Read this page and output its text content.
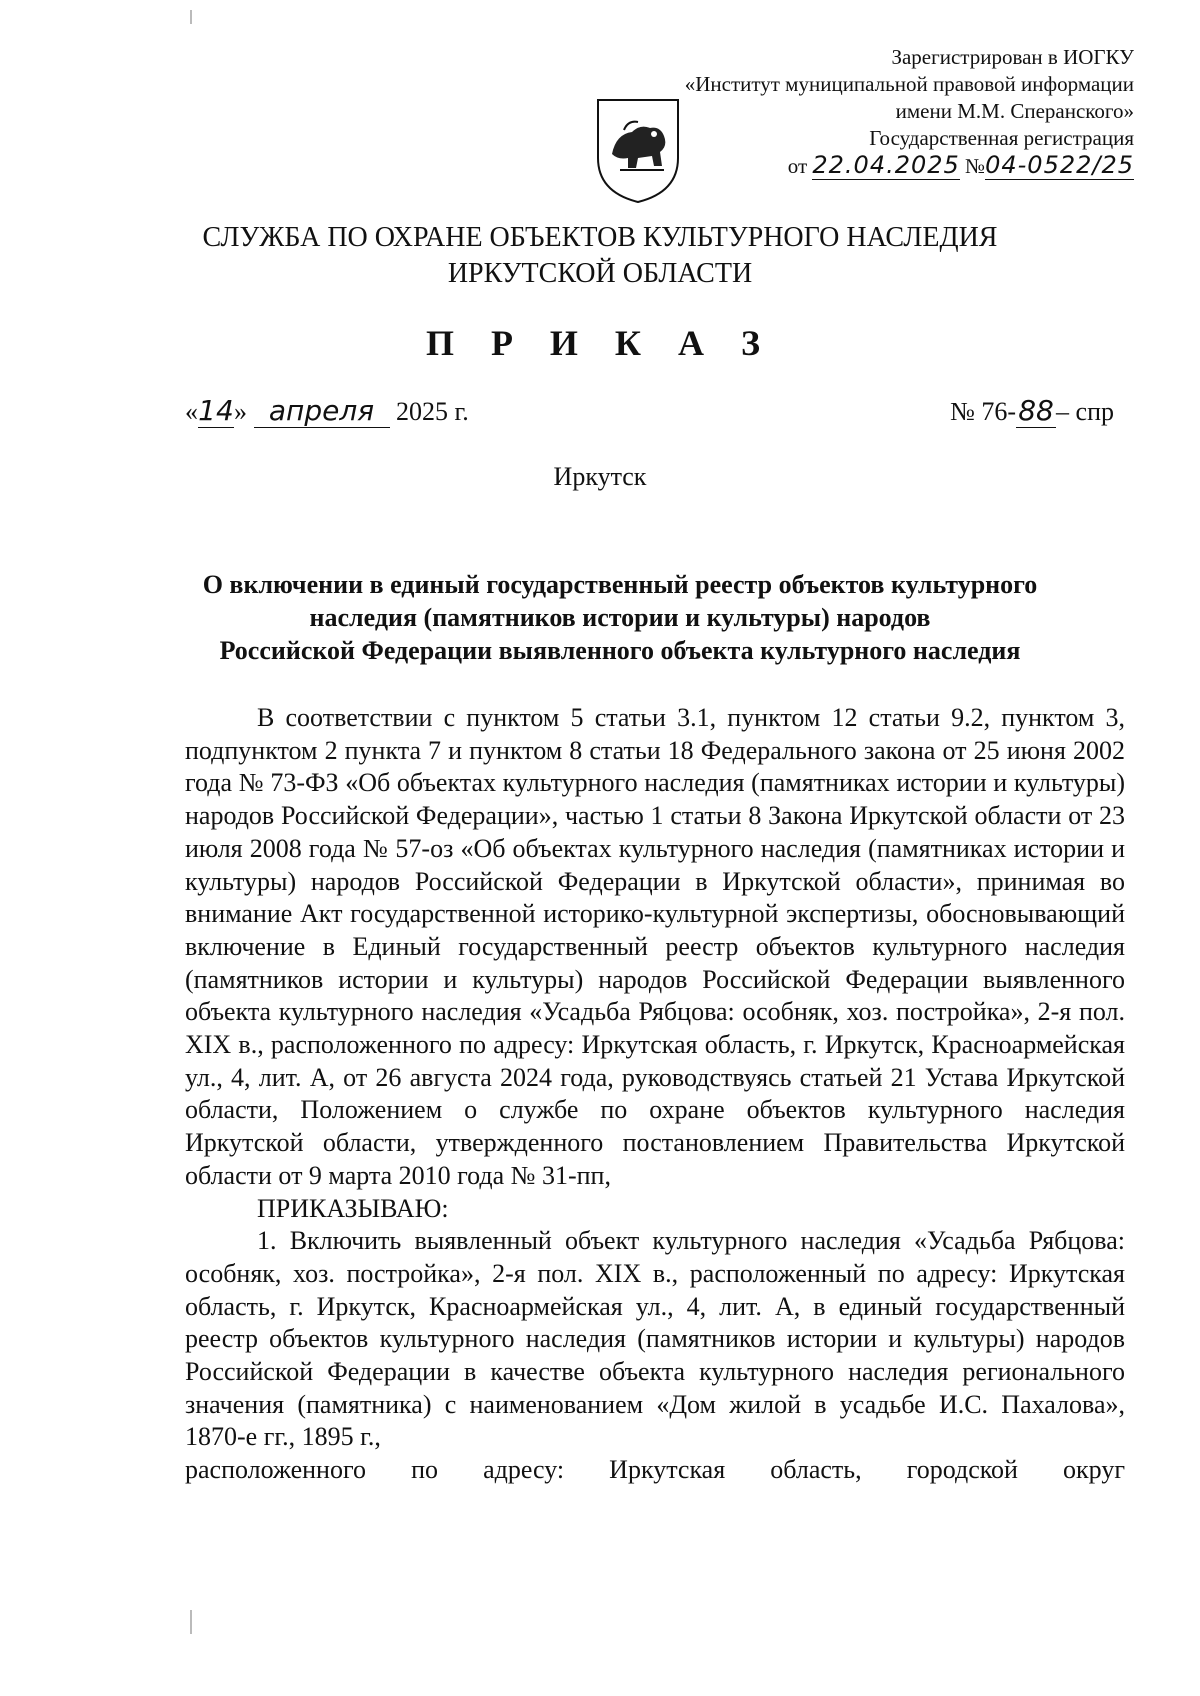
Зарегистрирован в ИОГКУ
«Институт муниципальной правовой информации
имени М.М. Сперанского»
Государственная регистрация
от 22.04.2025 №04-0522/25
СЛУЖБА ПО ОХРАНЕ ОБЪЕКТОВ КУЛЬТУРНОГО НАСЛЕДИЯ
ИРКУТСКОЙ ОБЛАСТИ
П Р И К А З
«14» апреля 2025 г.	№ 76-88– спр
Иркутск
О включении в единый государственный реестр объектов культурного
наследия (памятников истории и культуры) народов
Российской Федерации выявленного объекта культурного наследия

В соответствии с пунктом 5 статьи 3.1, пунктом 12 статьи 9.2, пунктом 3, подпунктом 2 пункта 7 и пунктом 8 статьи 18 Федерального закона от 25 июня 2002 года № 73-ФЗ «Об объектах культурного наследия (памятниках истории и культуры) народов Российской Федерации», частью 1 статьи 8 Закона Иркутской области от 23 июля 2008 года № 57-оз «Об объектах культурного наследия (памятниках истории и культуры) народов Российской Федерации в Иркутской области», принимая во внимание Акт государственной историко-культурной экспертизы, обосновывающий включение в Единый государственный реестр объектов культурного наследия (памятников истории и культуры) народов Российской Федерации выявленного объекта культурного наследия «Усадьба Рябцова: особняк, хоз. постройка», 2-я пол. XIX в., расположенного по адресу: Иркутская область, г. Иркутск, Красноармейская ул., 4, лит. А, от 26 августа 2024 года, руководствуясь статьей 21 Устава Иркутской области, Положением о службе по охране объектов культурного наследия Иркутской области, утвержденного постановлением Правительства Иркутской области от 9 марта 2010 года № 31-пп,

ПРИКАЗЫВАЮ:

1. Включить выявленный объект культурного наследия «Усадьба Рябцова: особняк, хоз. постройка», 2-я пол. XIX в., расположенный по адресу: Иркутская область, г. Иркутск, Красноармейская ул., 4, лит. А, в единый государственный реестр объектов культурного наследия (памятников истории и культуры) народов Российской Федерации в качестве объекта культурного наследия регионального значения (памятника) с наименованием «Дом жилой в усадьбе И.С. Пахалова», 1870-е гг., 1895 г.,

расположенного по адресу: Иркутская область, городской округ
